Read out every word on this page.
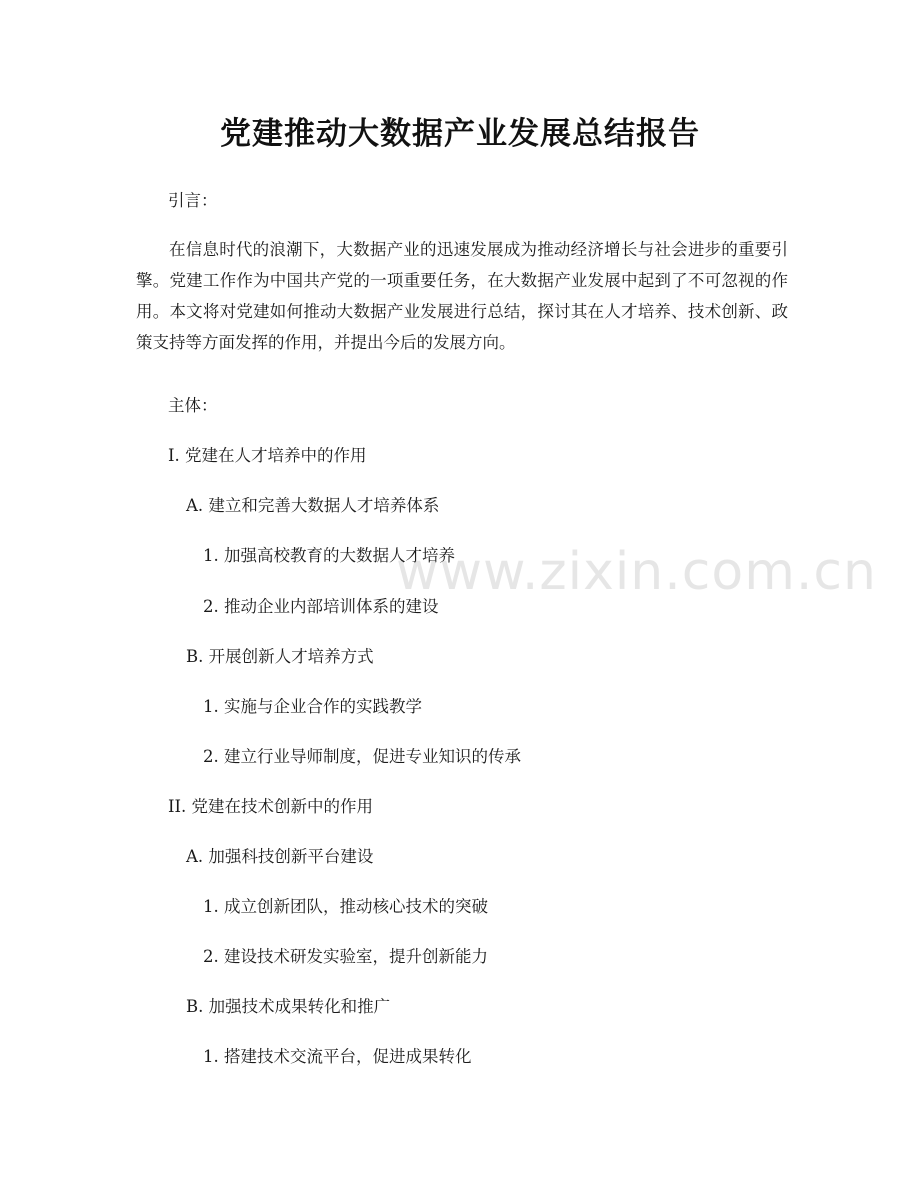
党建推动大数据产业发展总结报告

引言：

在信息时代的浪潮下，大数据产业的迅速发展成为推动经济增长与社会进步的重要引擎。党建工作作为中国共产党的一项重要任务，在大数据产业发展中起到了不可忽视的作用。本文将对党建如何推动大数据产业发展进行总结，探讨其在人才培养、技术创新、政策支持等方面发挥的作用，并提出今后的发展方向。

主体：

I. 党建在人才培养中的作用

A. 建立和完善大数据人才培养体系

1. 加强高校教育的大数据人才培养

2. 推动企业内部培训体系的建设

B. 开展创新人才培养方式

1. 实施与企业合作的实践教学

2. 建立行业导师制度，促进专业知识的传承

II. 党建在技术创新中的作用

A. 加强科技创新平台建设

1. 成立创新团队，推动核心技术的突破

2. 建设技术研发实验室，提升创新能力

B. 加强技术成果转化和推广

1. 搭建技术交流平台，促进成果转化

www.zixin.com.cn
